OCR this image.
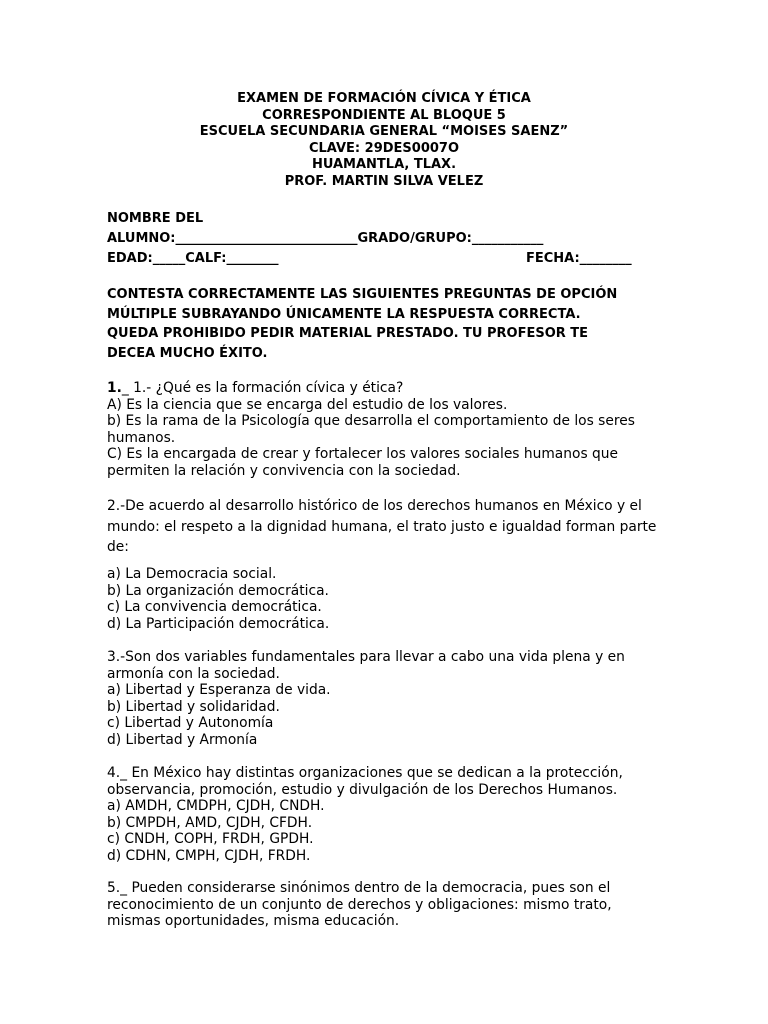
EXAMEN DE FORMACIÓN CÍVICA Y ÉTICA
CORRESPONDIENTE AL BLOQUE 5
ESCUELA SECUNDARIA GENERAL “MOISES SAENZ”
CLAVE: 29DES0007O
HUAMANTLA, TLAX.
PROF. MARTIN SILVA VELEZ
NOMBRE DEL
ALUMNO:____________________________GRADO/GRUPO:___________
EDAD:_____CALF:________	FECHA:________
CONTESTA CORRECTAMENTE LAS SIGUIENTES PREGUNTAS DE OPCIÓN
MÚLTIPLE SUBRAYANDO ÚNICAMENTE LA RESPUESTA CORRECTA.
QUEDA PROHIBIDO PEDIR MATERIAL PRESTADO. TU PROFESOR TE
DECEA MUCHO ÉXITO.
1._ 1.- ¿Qué es la formación cívica y ética?
A) Es la ciencia que se encarga del estudio de los valores.
b) Es la rama de la Psicología que desarrolla el comportamiento de los seres
humanos.
C) Es la encargada de crear y fortalecer los valores sociales humanos que
permiten la relación y convivencia con la sociedad.
2.-De acuerdo al desarrollo histórico de los derechos humanos en México y el
mundo: el respeto a la dignidad humana, el trato justo e igualdad forman parte
de:
a) La Democracia social.
b) La organización democrática.
c) La convivencia democrática.
d) La Participación democrática.
3.-Son dos variables fundamentales para llevar a cabo una vida plena y en
armonía con la sociedad.
a) Libertad y Esperanza de vida.
b) Libertad y solidaridad.
c) Libertad y Autonomía
d) Libertad y Armonía
4._ En México hay distintas organizaciones que se dedican a la protección,
observancia, promoción, estudio y divulgación de los Derechos Humanos.
a) AMDH, CMDPH, CJDH, CNDH.
b) CMPDH, AMD, CJDH, CFDH.
c) CNDH, COPH, FRDH, GPDH.
d) CDHN, CMPH, CJDH, FRDH.
5._ Pueden considerarse sinónimos dentro de la democracia, pues son el
reconocimiento de un conjunto de derechos y obligaciones: mismo trato,
mismas oportunidades, misma educación.
